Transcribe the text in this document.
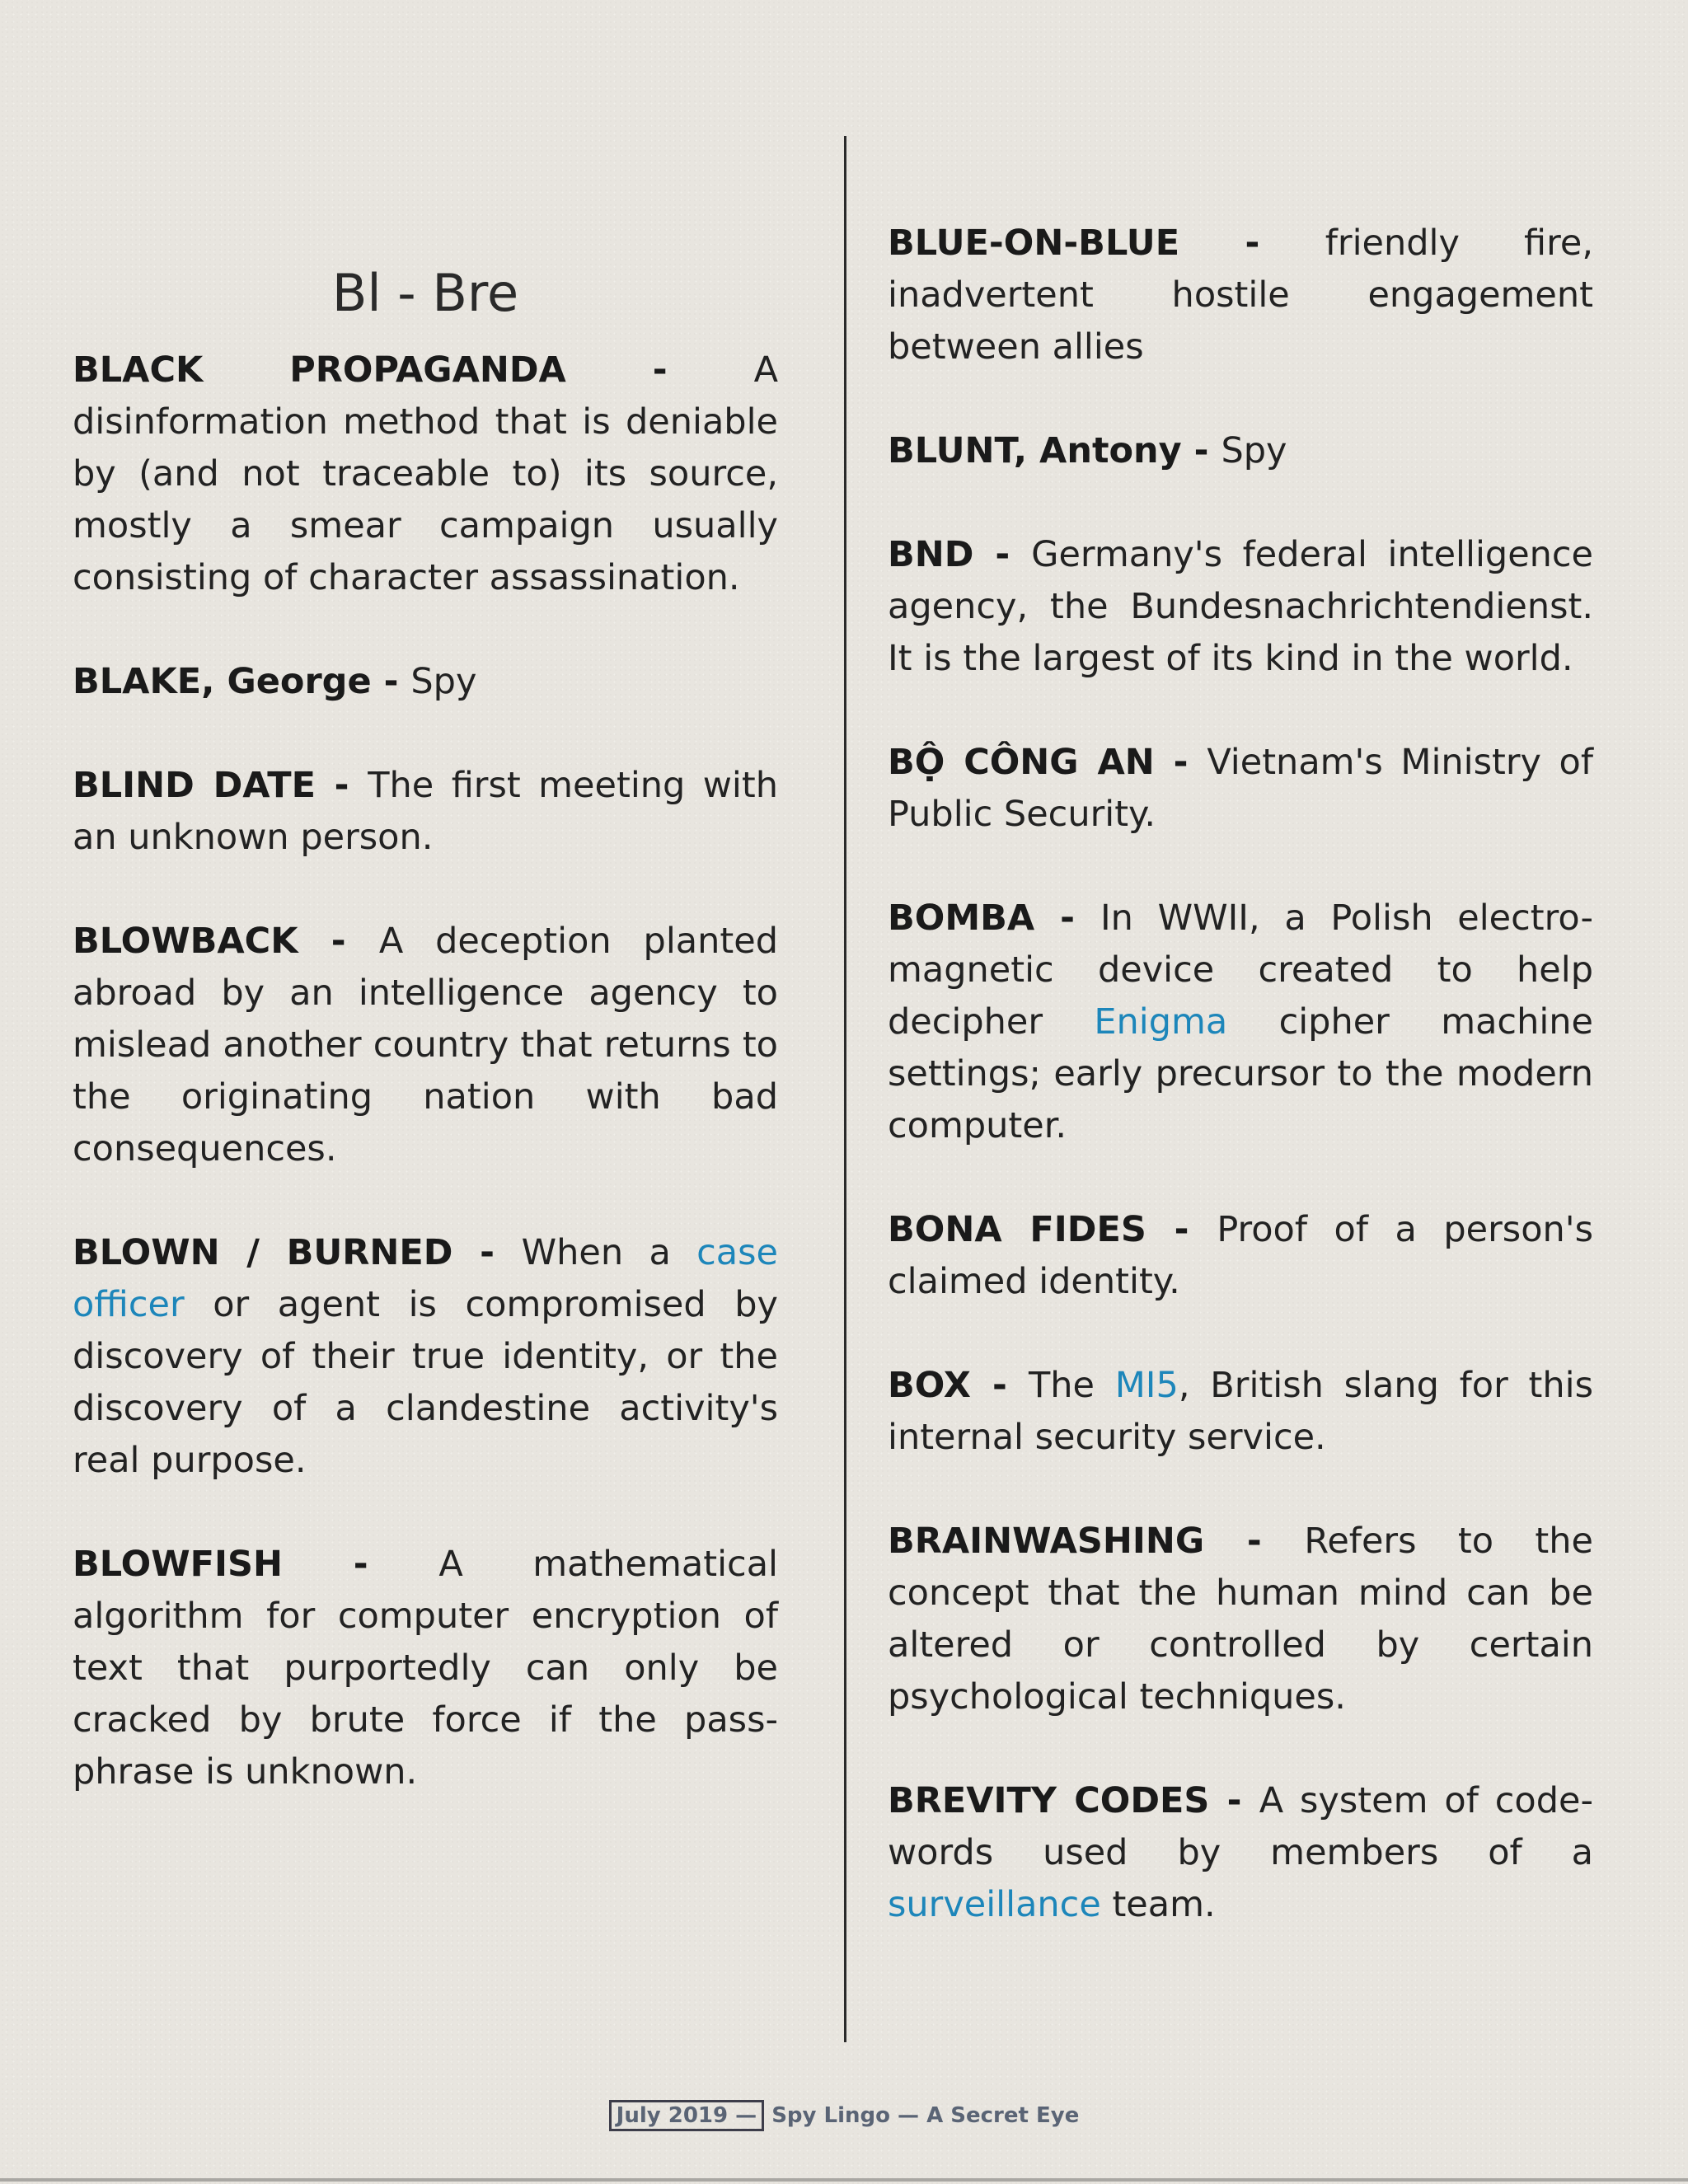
Bl - Bre

BLACK PROPAGANDA - A disinformation method that is deniable by (and not traceable to) its source, mostly a smear campaign usually consisting of character assassination.

BLAKE, George - Spy

BLIND DATE - The first meeting with an unknown person.

BLOWBACK - A deception planted abroad by an intelligence agency to mislead another country that returns to the originating nation with bad consequences.

BLOWN / BURNED - When a case officer or agent is compromised by discovery of their true identity, or the discovery of a clandestine activity's real purpose.

BLOWFISH - A mathematical algorithm for computer encryption of text that purportedly can only be cracked by brute force if the pass-phrase is unknown.

BLUE-ON-BLUE - friendly fire, inadvertent hostile engagement between allies

BLUNT, Antony - Spy

BND - Germany's federal intelligence agency, the Bundesnachrichtendienst. It is the largest of its kind in the world.

BỘ CÔNG AN - Vietnam's Ministry of Public Security.

BOMBA - In WWII, a Polish electro-magnetic device created to help decipher Enigma cipher machine settings; early precursor to the modern computer.

BONA FIDES - Proof of a person's claimed identity.

BOX - The MI5, British slang for this internal security service.

BRAINWASHING - Refers to the concept that the human mind can be altered or controlled by certain psychological techniques.

BREVITY CODES - A system of code-words used by members of a surveillance team.

July 2019 — Spy Lingo — A Secret Eye
